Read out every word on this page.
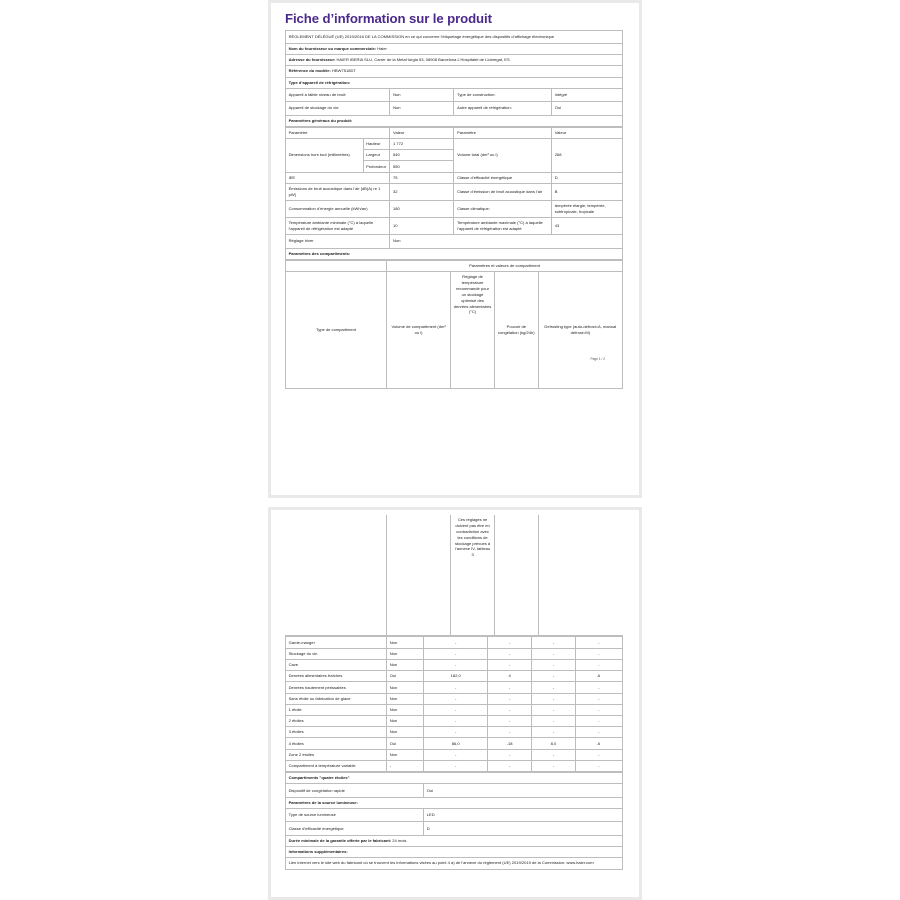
Fiche d’information sur le produit
RÈGLEMENT DÉLÉGUÉ (UE) 2019/2016 DE LA COMMISSION en ce qui concerne l’étiquetage énergétique des dispositifs d’affichage électronique
Nom du fournisseur ou marque commerciale: Haier			
Adresse du fournisseur: HAIER IBERIA SLU, Carrer de la Metal·lúrgia 53, 08908 Barcelona L’Hospitalet de Llobregat, ES			
Référence du modèle: HBW7518DT			
Type d’appareil de réfrigération:			
Appareil à faible niveau de bruit:	Non	Type de construction:	intégré
Appareil de stockage du vin:	Non	Autre appareil de réfrigération:	Oui
Paramètres généraux du produit:			
Paramètre		Valeur	Paramètre	Valeur
Dimensions hors tout (millimètres)	Hauteur	1 772	Volume total (dm³ ou l)	268
	Largeur	540		
	Profondeur	550		
IEE		75	Classe d’efficacité énergétique	D
Émissions de bruit acoustique dans l’air [dB(A) re 1 pW]		32	Classe d’émission de bruit acoustique dans l’air	B
Consommation d’énergie annuelle (kWh/an)		180	Classe climatique:	tempérée élargie, tempérée, subtropicale, tropicale
Température ambiante minimale (°C) à laquelle l’appareil de réfrigération est adapté		10	Température ambiante maximale (°C) à laquelle l’appareil de réfrigération est adapté	43
Réglage hiver		Non		
Paramètres des compartiments:				
	Paramètres et valeurs de compartiment			
Type de compartiment	Volume de compartiment (dm³ ou l)	Réglage de température recommandé pour un stockage optimisé des denrées alimentaires (°C)	Pouvoir de congélation (kg/24h)	Defrosting type (auto-defrost=A, manual defrost=M)
Page 1 / 2
		Ces réglages ne doivent pas être en contradiction avec les conditions de stockage prévues à l’annexe IV, tableau 3		
Garde-manger	Non	-	-	-	-
Stockage du vin	Non	-	-	-	-
Cave	Non	-	-	-	-
Denrées alimentaires fraîches	Oui	182,0	4	-	A
Denrées hautement périssables	Non	-	-	-	-
Sans étoile ou fabrication de glace	Non	-	-	-	-
1 étoile	Non	-	-	-	-
2 étoiles	Non	-	-	-	-
3 étoiles	Non	-	-	-	-
4 étoiles	Oui	86,0	-18	8,0	A
Zone 2 étoiles	Non	-	-	-	-
Compartiment à température variable	-	-	-	-	-
Compartiments "quatre étoiles"	
Dispositif de congélation rapide	Oui
Paramètres de la source lumineuse:	
Type de source lumineuse	LED
Classe d’efficacité énergétique	D
Durée minimale de la garantie offerte par le fabricant: 24 mois	
Informations supplémentaires:	
Lien internet vers le site web du fabricant où se trouvent les informations visées au point 4 a) de l’annexe du règlement (UE) 2019/2019 de la Commission: www.haier.com	
